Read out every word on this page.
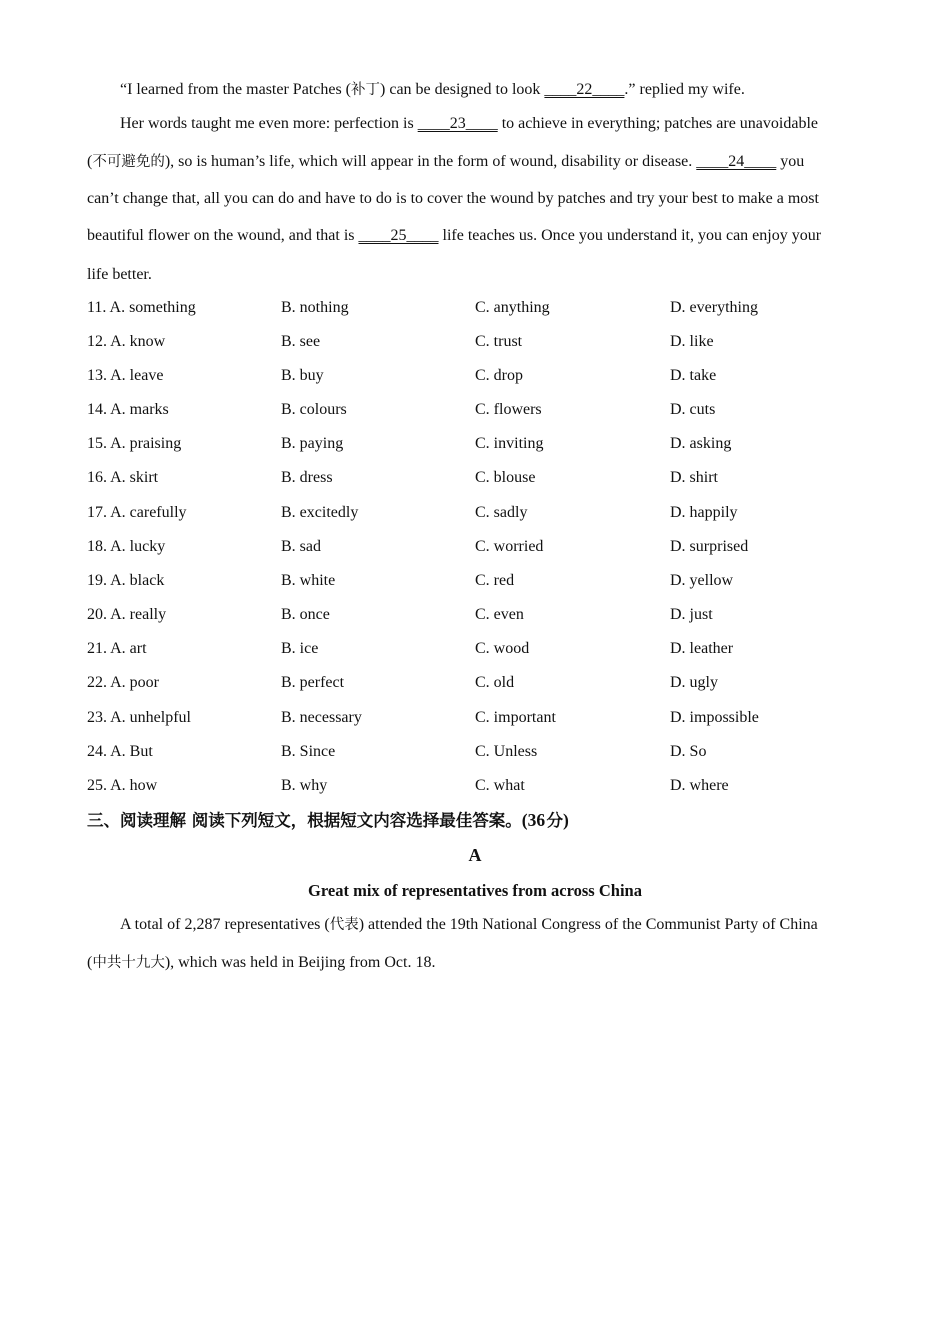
“I learned from the master Patches (补丁) can be designed to look ____22____.” replied my wife.
Her words taught me even more: perfection is ____23____ to achieve in everything; patches are unavoidable
(不可避免的), so is human’s life, which will appear in the form of wound, disability or disease. ____24____ you
can’t change that, all you can do and have to do is to cover the wound by patches and try your best to make a most
beautiful flower on the wound, and that is ____25____ life teaches us. Once you understand it, you can enjoy your
life better.
11. A. something	B. nothing	C. anything	D. everything
12. A. know	B. see	C. trust	D. like
13. A. leave	B. buy	C. drop	D. take
14. A. marks	B. colours	C. flowers	D. cuts
15. A. praising	B. paying	C. inviting	D. asking
16. A. skirt	B. dress	C. blouse	D. shirt
17. A. carefully	B. excitedly	C. sadly	D. happily
18. A. lucky	B. sad	C. worried	D. surprised
19. A. black	B. white	C. red	D. yellow
20. A. really	B. once	C. even	D. just
21. A. art	B. ice	C. wood	D. leather
22. A. poor	B. perfect	C. old	D. ugly
23. A. unhelpful	B. necessary	C. important	D. impossible
24. A. But	B. Since	C. Unless	D. So
25. A. how	B. why	C. what	D. where
三、阅读理解 阅读下列短文，根据短文内容选择最佳答案。(36 分)
A
Great mix of representatives from across China
A total of 2,287 representatives (代表) attended the 19th National Congress of the Communist Party of China
(中共十九大), which was held in Beijing from Oct. 18.
